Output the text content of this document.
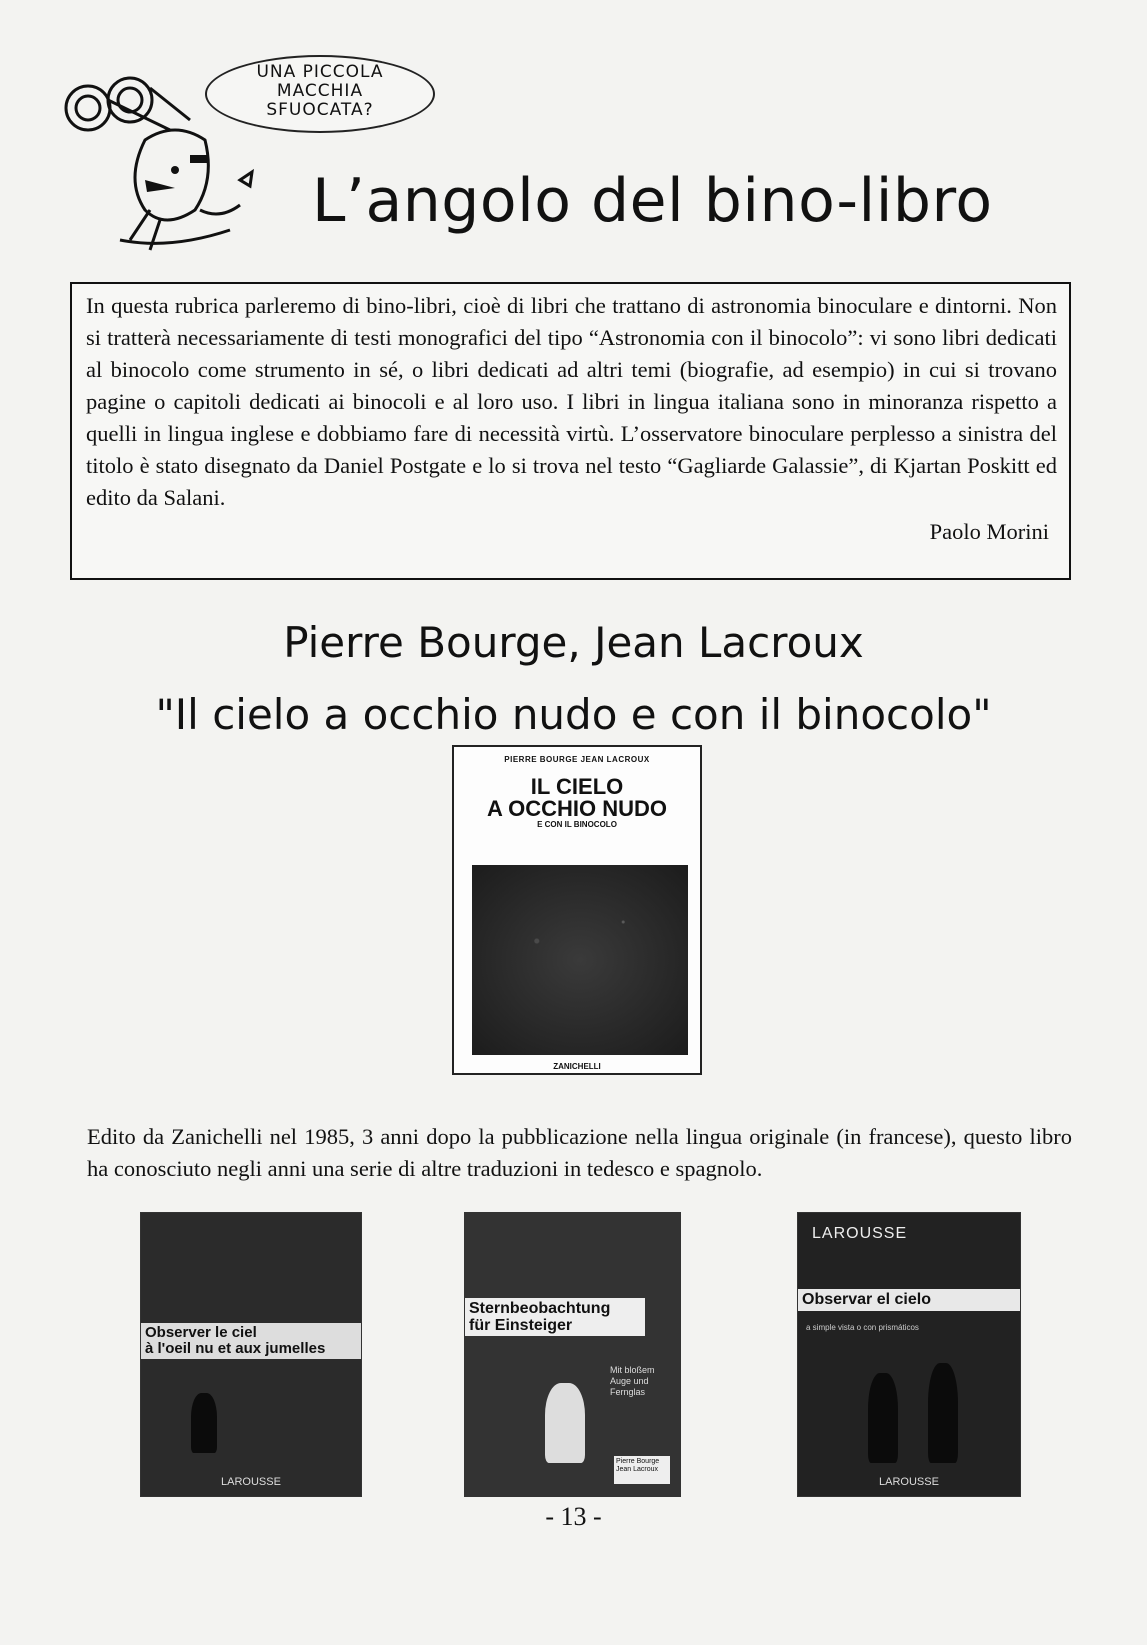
UNA PICCOLA
MACCHIA
SFUOCATA?
L’angolo del bino-libro

In questa rubrica parleremo di bino-libri, cioè di libri che trattano di astronomia binoculare e dintorni. Non si tratterà necessariamente di testi monografici del tipo “Astronomia con il binocolo”: vi sono libri dedicati al binocolo come strumento in sé, o libri dedicati ad altri temi (biografie, ad esempio) in cui si trovano pagine o capitoli dedicati ai binocoli e al loro uso. I libri in lingua italiana sono in minoranza rispetto a quelli in lingua inglese e dobbiamo fare di necessità virtù. L’osservatore binoculare perplesso a sinistra del titolo è stato disegnato da Daniel Postgate e lo si trova nel testo “Gagliarde Galassie”, di Kjartan Poskitt ed edito da Salani.

Paolo Morini
Pierre Bourge, Jean Lacroux
"Il cielo a occhio nudo e con il binocolo"
PIERRE BOURGE JEAN LACROUX
IL CIELO
A OCCHIO NUDO
E CON IL BINOCOLO
ZANICHELLI

Edito da Zanichelli nel 1985, 3 anni dopo la pubblicazione nella lingua originale (in francese), questo libro ha conosciuto negli anni una serie di altre traduzioni in tedesco e spagnolo.

Observer le ciel
à l'oeil nu et aux jumelles
LAROUSSE
Sternbeobachtung
für Einsteiger
Mit bloßem Auge und Fernglas
Pierre Bourge Jean Lacroux
LAROUSSE
Observar el cielo
a simple vista o con prismáticos
LAROUSSE
- 13 -
